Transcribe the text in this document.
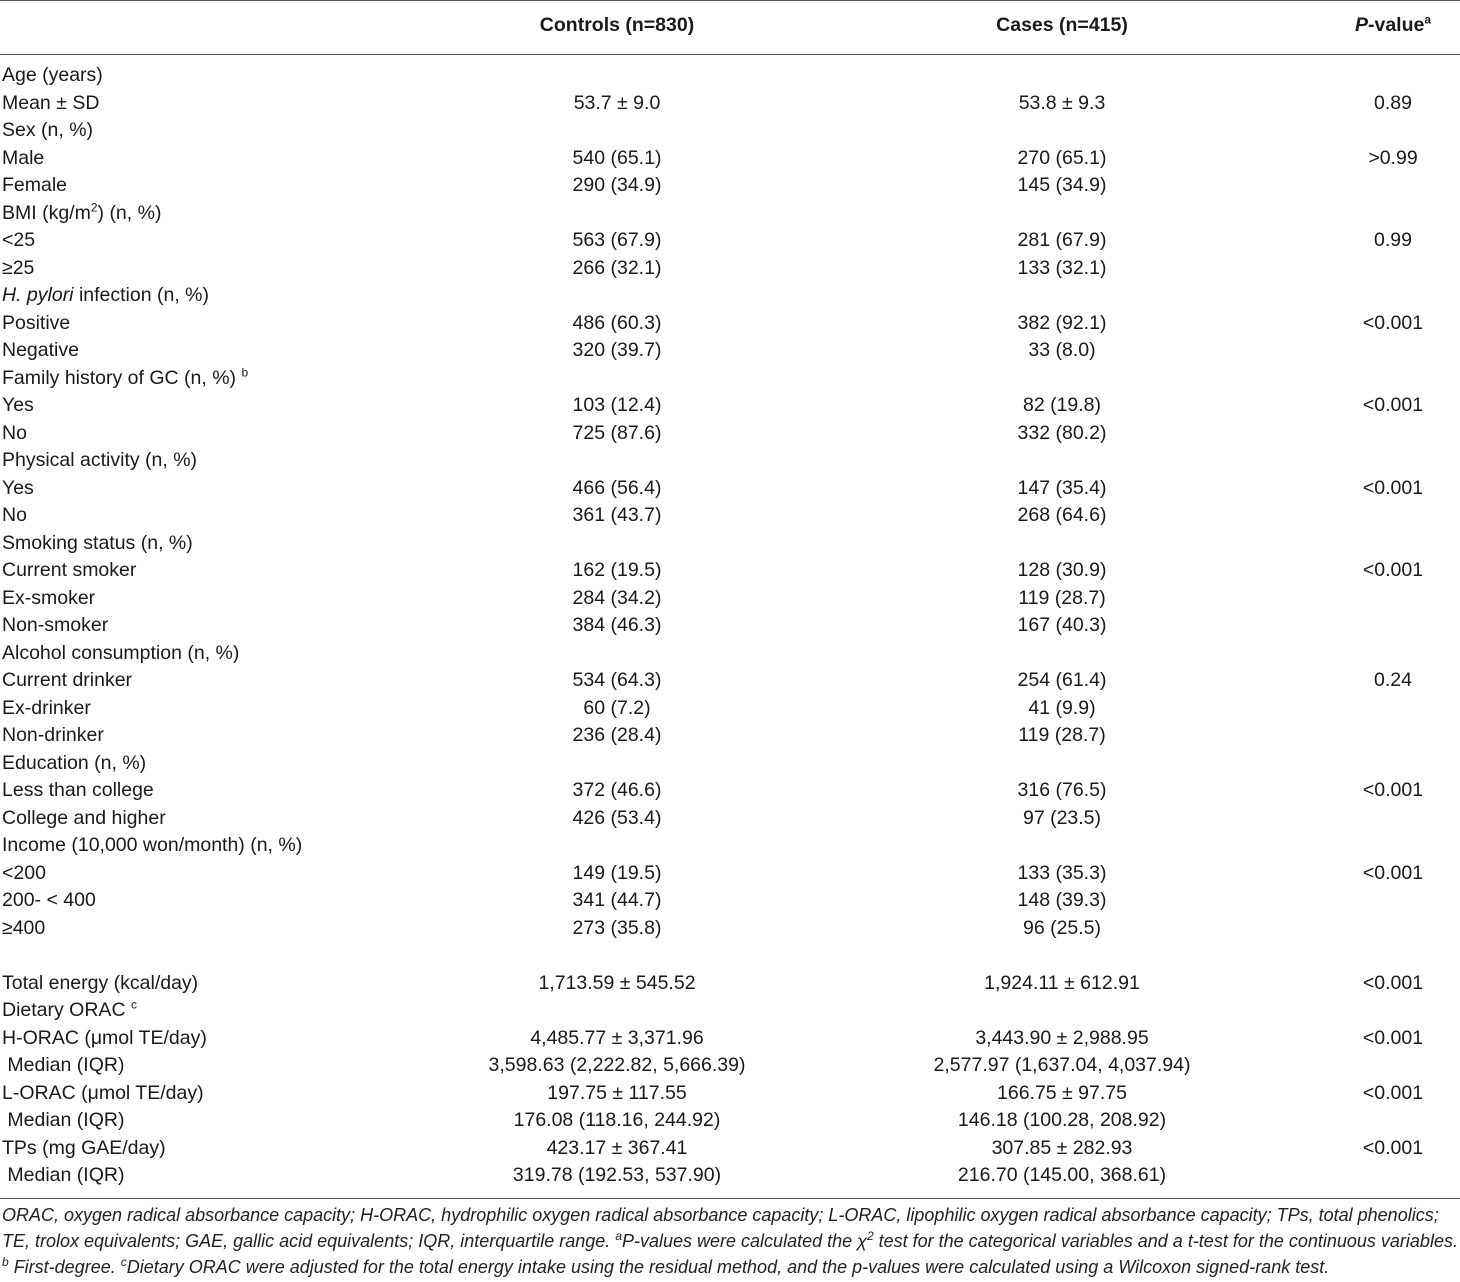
Controls (n=830)	Cases (n=415)	P-value$^a$
Age (years)
Mean ± SD	53.7 ± 9.0	53.8 ± 9.3	0.89
Sex (n, %)
Male	540 (65.1)	270 (65.1)	>0.99
Female	290 (34.9)	145 (34.9)
BMI $(kg/m^2)$ (n, %)
<25	563 (67.9)	281 (67.9)	0.99
≥25	266 (32.1)	133 (32.1)
H. pylori infection (n, %)
Positive	486 (60.3)	382 (92.1)	<0.001
Negative	320 (39.7)	33 (8.0)
Family history of GC (n, %) $^b$
Yes	103 (12.4)	82 (19.8)	<0.001
No	725 (87.6)	332 (80.2)
Physical activity (n, %)
Yes	466 (56.4)	147 (35.4)	<0.001
No	361 (43.7)	268 (64.6)
Smoking status (n, %)
Current smoker	162 (19.5)	128 (30.9)	<0.001
Ex-smoker	284 (34.2)	119 (28.7)
Non-smoker	384 (46.3)	167 (40.3)
Alcohol consumption (n, %)
Current drinker	534 (64.3)	254 (61.4)	0.24
Ex-drinker	60 (7.2)	41 (9.9)
Non-drinker	236 (28.4)	119 (28.7)
Education (n, %)
Less than college	372 (46.6)	316 (76.5)	<0.001
College and higher	426 (53.4)	97 (23.5)
Income (10,000 won/month) (n, %)
<200	149 (19.5)	133 (35.3)	<0.001
200- < 400	341 (44.7)	148 (39.3)
≥400	273 (35.8)	96 (25.5)
Total energy (kcal/day)	1,713.59 ± 545.52	1,924.11 ± 612.91	<0.001
Dietary ORAC $^c$
H-ORAC (μmol TE/day)	4,485.77 ± 3,371.96	3,443.90 ± 2,988.95	<0.001
Median (IQR)	3,598.63 (2,222.82, 5,666.39)	2,577.97 (1,637.04, 4,037.94)
L-ORAC (μmol TE/day)	197.75 ± 117.55	166.75 ± 97.75	<0.001
Median (IQR)	176.08 (118.16, 244.92)	146.18 (100.28, 208.92)
TPs (mg GAE/day)	423.17 ± 367.41	307.85 ± 282.93	<0.001
Median (IQR)	319.78 (192.53, 537.90)	216.70 (145.00, 368.61)

ORAC, oxygen radical absorbance capacity; H-ORAC, hydrophilic oxygen radical absorbance capacity; L-ORAC, lipophilic oxygen radical absorbance capacity; TPs, total phenolics; TE, trolox equivalents; GAE, gallic acid equivalents; IQR, interquartile range. $^a$P-values were calculated the $\chi^2$ test for the categorical variables and a t-test for the continuous variables. $^b$ First-degree. $^c$Dietary ORAC were adjusted for the total energy intake using the residual method, and the p-values were calculated using a Wilcoxon signed-rank test.
